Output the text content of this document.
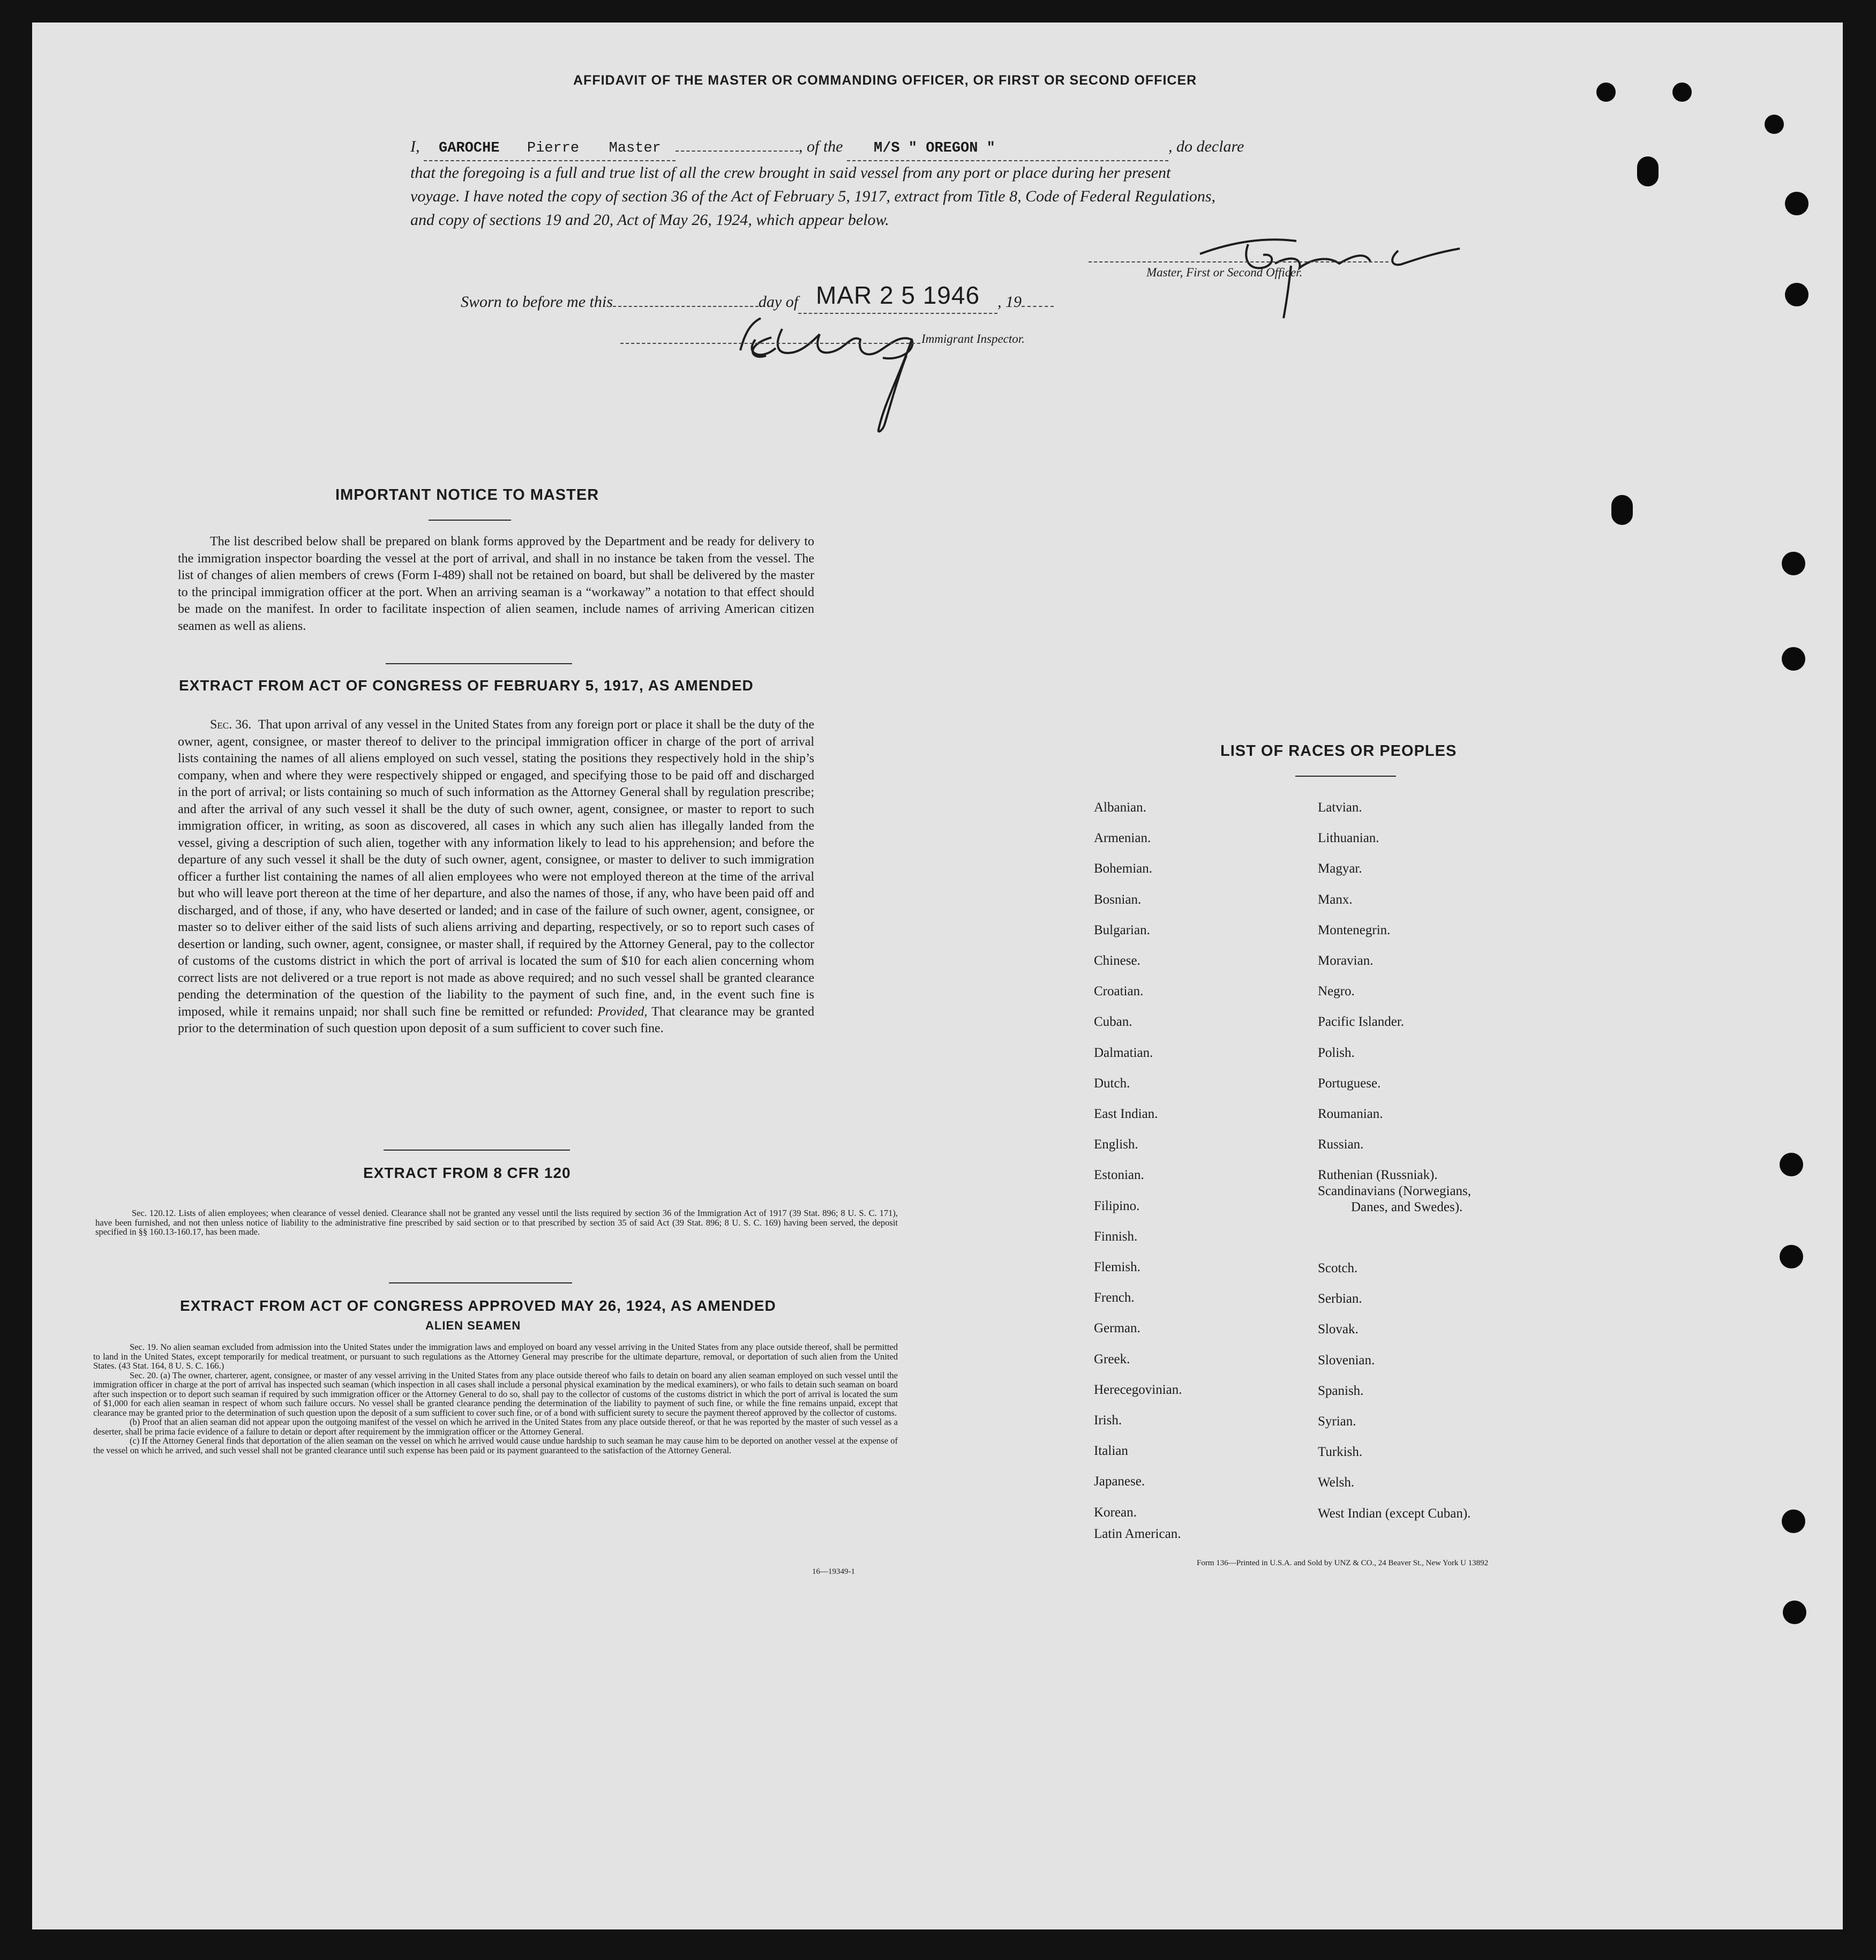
AFFIDAVIT OF THE MASTER OR COMMANDING OFFICER, OR FIRST OR SECOND OFFICER
I, GAROCHE Pierre Master	, of the M/S " OREGON "	, do declare
that the foregoing is a full and true list of all the crew brought in said vessel from any port or place during her present
voyage. I have noted the copy of section 36 of the Act of February 5, 1917, extract from Title 8, Code of Federal Regulations,
and copy of sections 19 and 20, Act of May 26, 1924, which appear below.
Master, First or Second Officer.
Sworn to before me this	day of MAR 2 5 1946 , 19
Immigrant Inspector.
IMPORTANT NOTICE TO MASTER
The list described below shall be prepared on blank forms approved by the Department and be ready for delivery to the immigration inspector boarding the vessel at the port of arrival, and shall in no instance be taken from the vessel. The list of changes of alien members of crews (Form I-489) shall not be retained on board, but shall be delivered by the master to the principal immigration officer at the port. When an arriving seaman is a “workaway” a notation to that effect should be made on the manifest. In order to facilitate inspection of alien seamen, include names of arriving American citizen seamen as well as aliens.
EXTRACT FROM ACT OF CONGRESS OF FEBRUARY 5, 1917, AS AMENDED
Sec. 36. That upon arrival of any vessel in the United States from any foreign port or place it shall be the duty of the owner, agent, consignee, or master thereof to deliver to the principal immigration officer in charge of the port of arrival lists containing the names of all aliens employed on such vessel, stating the positions they respectively hold in the ship’s company, when and where they were respectively shipped or engaged, and specifying those to be paid off and discharged in the port of arrival; or lists containing so much of such information as the Attorney General shall by regulation prescribe; and after the arrival of any such vessel it shall be the duty of such owner, agent, consignee, or master to report to such immigration officer, in writing, as soon as discovered, all cases in which any such alien has illegally landed from the vessel, giving a description of such alien, together with any information likely to lead to his apprehension; and before the departure of any such vessel it shall be the duty of such owner, agent, consignee, or master to deliver to such immigration officer a further list containing the names of all alien employees who were not employed thereon at the time of the arrival but who will leave port thereon at the time of her departure, and also the names of those, if any, who have been paid off and discharged, and of those, if any, who have deserted or landed; and in case of the failure of such owner, agent, consignee, or master so to deliver either of the said lists of such aliens arriving and departing, respectively, or so to report such cases of desertion or landing, such owner, agent, consignee, or master shall, if required by the Attorney General, pay to the collector of customs of the customs district in which the port of arrival is located the sum of $10 for each alien concerning whom correct lists are not delivered or a true report is not made as above required; and no such vessel shall be granted clearance pending the determination of the question of the liability to the payment of such fine, and, in the event such fine is imposed, while it remains unpaid; nor shall such fine be remitted or refunded: Provided, That clearance may be granted prior to the determination of such question upon deposit of a sum sufficient to cover such fine.
EXTRACT FROM 8 CFR 120
Sec. 120.12. Lists of alien employees; when clearance of vessel denied. Clearance shall not be granted any vessel until the lists required by section 36 of the Immigration Act of 1917 (39 Stat. 896; 8 U. S. C. 171), have been furnished, and not then unless notice of liability to the administrative fine prescribed by said section or to that prescribed by section 35 of said Act (39 Stat. 896; 8 U. S. C. 169) having been served, the deposit specified in §§ 160.13-160.17, has been made.
EXTRACT FROM ACT OF CONGRESS APPROVED MAY 26, 1924, AS AMENDED
ALIEN SEAMEN
Sec. 19. No alien seaman excluded from admission into the United States under the immigration laws and employed on board any vessel arriving in the United States from any place outside thereof, shall be permitted to land in the United States, except temporarily for medical treatment, or pursuant to such regulations as the Attorney General may prescribe for the ultimate departure, removal, or deportation of such alien from the United States. (43 Stat. 164, 8 U. S. C. 166.)
Sec. 20. (a) The owner, charterer, agent, consignee, or master of any vessel arriving in the United States from any place outside thereof who fails to detain on board any alien seaman employed on such vessel until the immigration officer in charge at the port of arrival has inspected such seaman (which inspection in all cases shall include a personal physical examination by the medical examiners), or who fails to detain such seaman on board after such inspection or to deport such seaman if required by such immigration officer or the Attorney General to do so, shall pay to the collector of customs of the customs district in which the port of arrival is located the sum of $1,000 for each alien seaman in respect of whom such failure occurs. No vessel shall be granted clearance pending the determination of the liability to payment of such fine, or while the fine remains unpaid, except that clearance may be granted prior to the determination of such question upon the deposit of a sum sufficient to cover such fine, or of a bond with sufficient surety to secure the payment thereof approved by the collector of customs.
(b) Proof that an alien seaman did not appear upon the outgoing manifest of the vessel on which he arrived in the United States from any place outside thereof, or that he was reported by the master of such vessel as a deserter, shall be prima facie evidence of a failure to detain or deport after requirement by the immigration officer or the Attorney General.
(c) If the Attorney General finds that deportation of the alien seaman on the vessel on which he arrived would cause undue hardship to such seaman he may cause him to be deported on another vessel at the expense of the vessel on which he arrived, and such vessel shall not be granted clearance until such expense has been paid or its payment guaranteed to the satisfaction of the Attorney General.
16—19349-1
LIST OF RACES OR PEOPLES
Form 136—Printed in U.S.A. and Sold by UNZ & CO., 24 Beaver St., New York U 13892
Albanian.
Armenian.
Bohemian.
Bosnian.
Bulgarian.
Chinese.
Croatian.
Cuban.
Dalmatian.
Dutch.
East Indian.
English.
Estonian.
Filipino.
Finnish.
Flemish.
French.
German.
Greek.
Herecegovinian.
Irish.
Italian
Japanese.
Korean.
Latin American.
Latvian.
Lithuanian.
Magyar.
Manx.
Montenegrin.
Moravian.
Negro.
Pacific Islander.
Polish.
Portuguese.
Roumanian.
Russian.
Ruthenian (Russniak).
Scandinavians (Norwegians,
Danes, and Swedes).
Scotch.
Serbian.
Slovak.
Slovenian.
Spanish.
Syrian.
Turkish.
Welsh.
West Indian (except Cuban).
